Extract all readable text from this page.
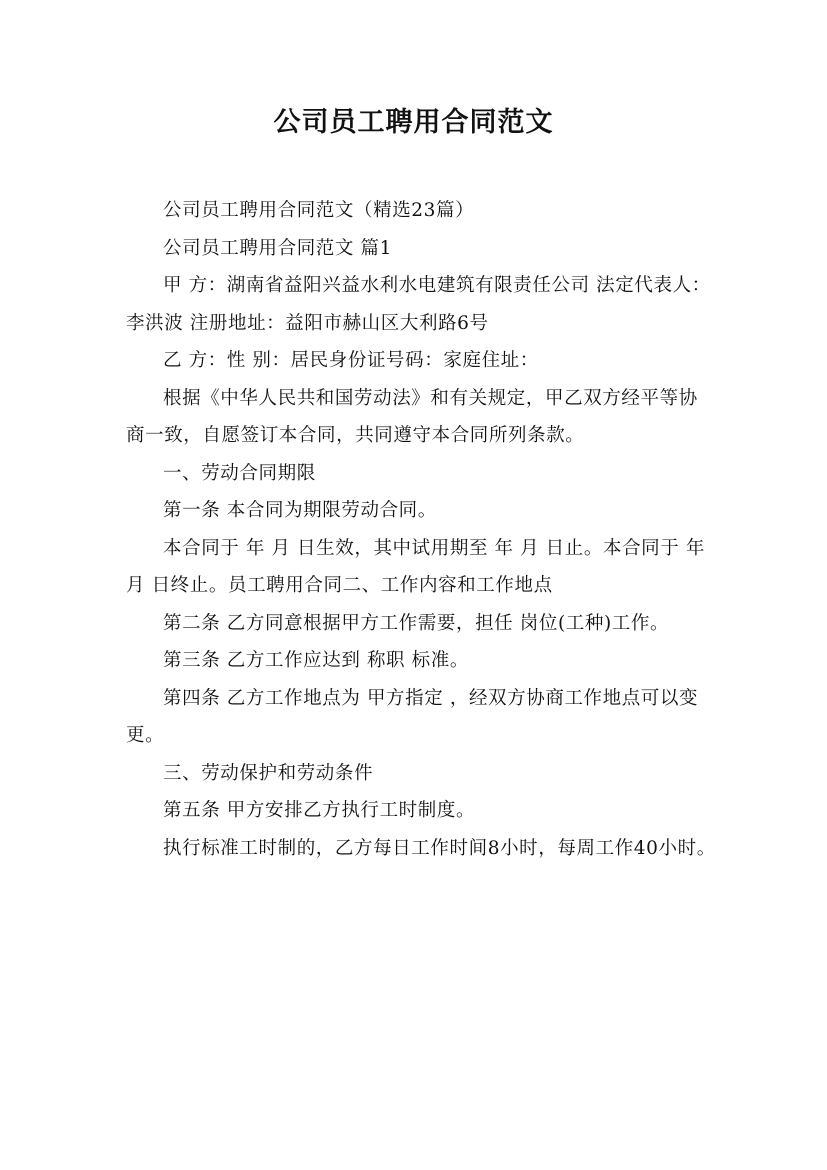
公司员工聘用合同范文

公司员工聘用合同范文（精选23篇）

公司员工聘用合同范文 篇1

甲 方：湖南省益阳兴益水利水电建筑有限责任公司 法定代表人：李洪波 注册地址：益阳市赫山区大利路6号

乙 方：性 别：居民身份证号码：家庭住址：

根据《中华人民共和国劳动法》和有关规定，甲乙双方经平等协商一致，自愿签订本合同，共同遵守本合同所列条款。

一、劳动合同期限

第一条 本合同为期限劳动合同。

本合同于 年 月 日生效，其中试用期至 年 月 日止。本合同于 年 月 日终止。员工聘用合同二、工作内容和工作地点

第二条 乙方同意根据甲方工作需要，担任 岗位(工种)工作。

第三条 乙方工作应达到 称职 标准。

第四条 乙方工作地点为 甲方指定 ，经双方协商工作地点可以变更。

三、劳动保护和劳动条件

第五条 甲方安排乙方执行工时制度。

执行标准工时制的，乙方每日工作时间8小时，每周工作40小时。
